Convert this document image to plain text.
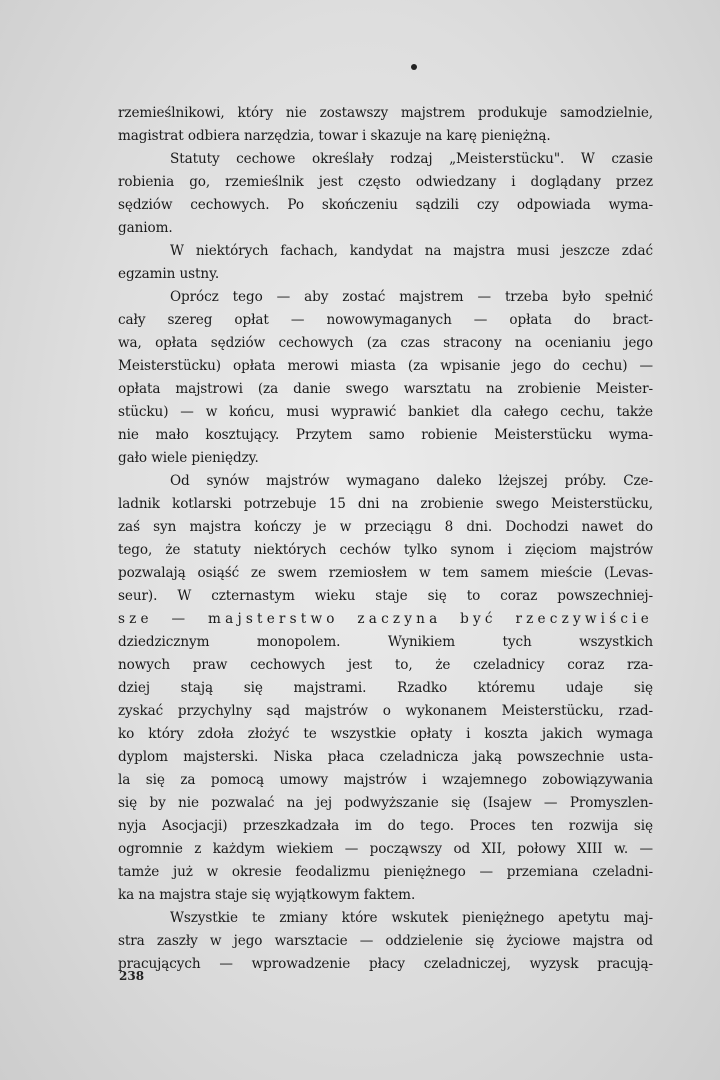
rzemieślnikowi, który nie zostawszy majstrem produkuje samodzielnie,
magistrat odbiera narzędzia, towar i skazuje na karę pieniężną.
Statuty cechowe określały rodzaj „Meisterstücku". W czasie
robienia go, rzemieślnik jest często odwiedzany i doglądany przez
sędziów cechowych. Po skończeniu sądzili czy odpowiada wyma-
ganiom.
W niektórych fachach, kandydat na majstra musi jeszcze zdać
egzamin ustny.
Oprócz tego — aby zostać majstrem — trzeba było spełnić
cały szereg opłat — nowowymaganych — opłata do bract-
wa, opłata sędziów cechowych (za czas stracony na ocenianiu jego
Meisterstücku) opłata merowi miasta (za wpisanie jego do cechu) —
opłata majstrowi (za danie swego warsztatu na zrobienie Meister-
stücku) — w końcu, musi wyprawić bankiet dla całego cechu, także
nie mało kosztujący. Przytem samo robienie Meisterstücku wyma-
gało wiele pieniędzy.
Od synów majstrów wymagano daleko lżejszej próby. Cze-
ladnik kotlarski potrzebuje 15 dni na zrobienie swego Meisterstücku,
zaś syn majstra kończy je w przeciągu 8 dni. Dochodzi nawet do
tego, że statuty niektórych cechów tylko synom i zięciom majstrów
pozwalają osiąść ze swem rzemiosłem w tem samem mieście (Levas-
seur). W czternastym wieku staje się to coraz powszechniej-
sze — majsterstwo zaczyna być rzeczywiście
dziedzicznym monopolem. Wynikiem tych wszystkich
nowych praw cechowych jest to, że czeladnicy coraz rza-
dziej stają się majstrami. Rzadko któremu udaje się
zyskać przychylny sąd majstrów o wykonanem Meisterstücku, rzad-
ko który zdoła złożyć te wszystkie opłaty i koszta jakich wymaga
dyplom majsterski. Niska płaca czeladnicza jaką powszechnie usta-
la się za pomocą umowy majstrów i wzajemnego zobowiązywania
się by nie pozwalać na jej podwyższanie się (Isajew — Promyszlen-
nyja Asocjacji) przeszkadzała im do tego. Proces ten rozwija się
ogromnie z każdym wiekiem — począwszy od XII, połowy XIII w. —
tamże już w okresie feodalizmu pieniężnego — przemiana czeladni-
ka na majstra staje się wyjątkowym faktem.
Wszystkie te zmiany które wskutek pieniężnego apetytu maj-
stra zaszły w jego warsztacie — oddzielenie się życiowe majstra od
pracujących — wprowadzenie płacy czeladniczej, wyzysk pracują-
238
